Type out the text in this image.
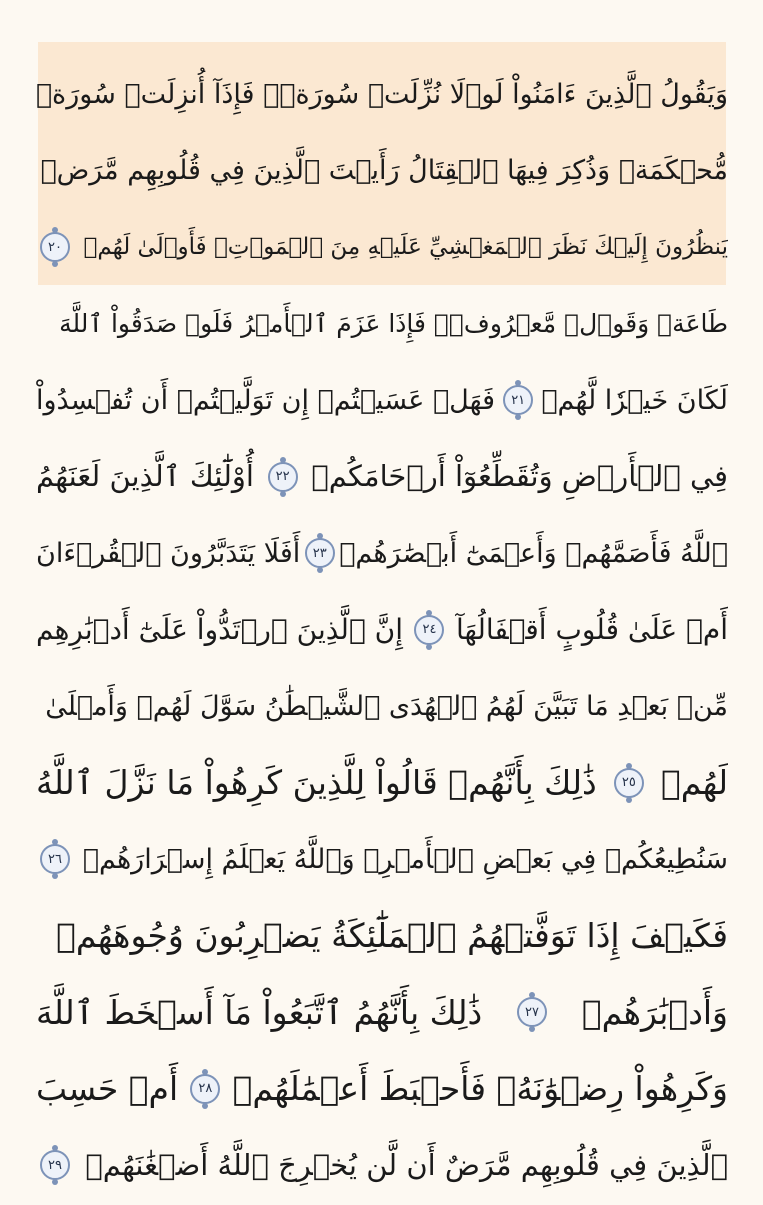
وَيَقُولُ ٱلَّذِينَ ءَامَنُواْ لَوۡلَا نُزِّلَتۡ سُورَةٞۖ فَإِذَآ أُنزِلَتۡ سُورَةٞ
مُّحۡكَمَةٞ وَذُكِرَ فِيهَا ٱلۡقِتَالُ رَأَيۡتَ ٱلَّذِينَ فِي قُلُوبِهِم مَّرَضٞ
يَنظُرُونَ إِلَيۡكَ نَظَرَ ٱلۡمَغۡشِيِّ عَلَيۡهِ مِنَ ٱلۡمَوۡتِۖ فَأَوۡلَىٰ لَهُمۡ
٢٠
طَاعَةٞ وَقَوۡلٞ مَّعۡرُوفٞۚ فَإِذَا عَزَمَ ٱلۡأَمۡرُ فَلَوۡ صَدَقُواْ ٱللَّهَ
لَكَانَ خَيۡرٗا لَّهُمۡ
٢١
فَهَلۡ عَسَيۡتُمۡ إِن تَوَلَّيۡتُمۡ أَن تُفۡسِدُواْ
فِي ٱلۡأَرۡضِ وَتُقَطِّعُوٓاْ أَرۡحَامَكُمۡ
٢٢
أُوْلَٰٓئِكَ ٱلَّذِينَ لَعَنَهُمُ
ٱللَّهُ فَأَصَمَّهُمۡ وَأَعۡمَىٰٓ أَبۡصَٰرَهُمۡ
٢٣
أَفَلَا يَتَدَبَّرُونَ ٱلۡقُرۡءَانَ
أَمۡ عَلَىٰ قُلُوبٍ أَقۡفَالُهَآ
٢٤
إِنَّ ٱلَّذِينَ ٱرۡتَدُّواْ عَلَىٰٓ أَدۡبَٰرِهِم
مِّنۢ بَعۡدِ مَا تَبَيَّنَ لَهُمُ ٱلۡهُدَى ٱلشَّيۡطَٰنُ سَوَّلَ لَهُمۡ وَأَمۡلَىٰ
لَهُمۡ
٢٥
ذَٰلِكَ بِأَنَّهُمۡ قَالُواْ لِلَّذِينَ كَرِهُواْ مَا نَزَّلَ ٱللَّهُ
سَنُطِيعُكُمۡ فِي بَعۡضِ ٱلۡأَمۡرِۖ وَٱللَّهُ يَعۡلَمُ إِسۡرَارَهُمۡ
٢٦
فَكَيۡفَ إِذَا تَوَفَّتۡهُمُ ٱلۡمَلَٰٓئِكَةُ يَضۡرِبُونَ وُجُوهَهُمۡ
وَأَدۡبَٰرَهُمۡ
٢٧
ذَٰلِكَ بِأَنَّهُمُ ٱتَّبَعُواْ مَآ أَسۡخَطَ ٱللَّهَ
وَكَرِهُواْ رِضۡوَٰنَهُۥ فَأَحۡبَطَ أَعۡمَٰلَهُمۡ
٢٨
أَمۡ حَسِبَ
ٱلَّذِينَ فِي قُلُوبِهِم مَّرَضٌ أَن لَّن يُخۡرِجَ ٱللَّهُ أَضۡغَٰنَهُمۡ
٢٩
